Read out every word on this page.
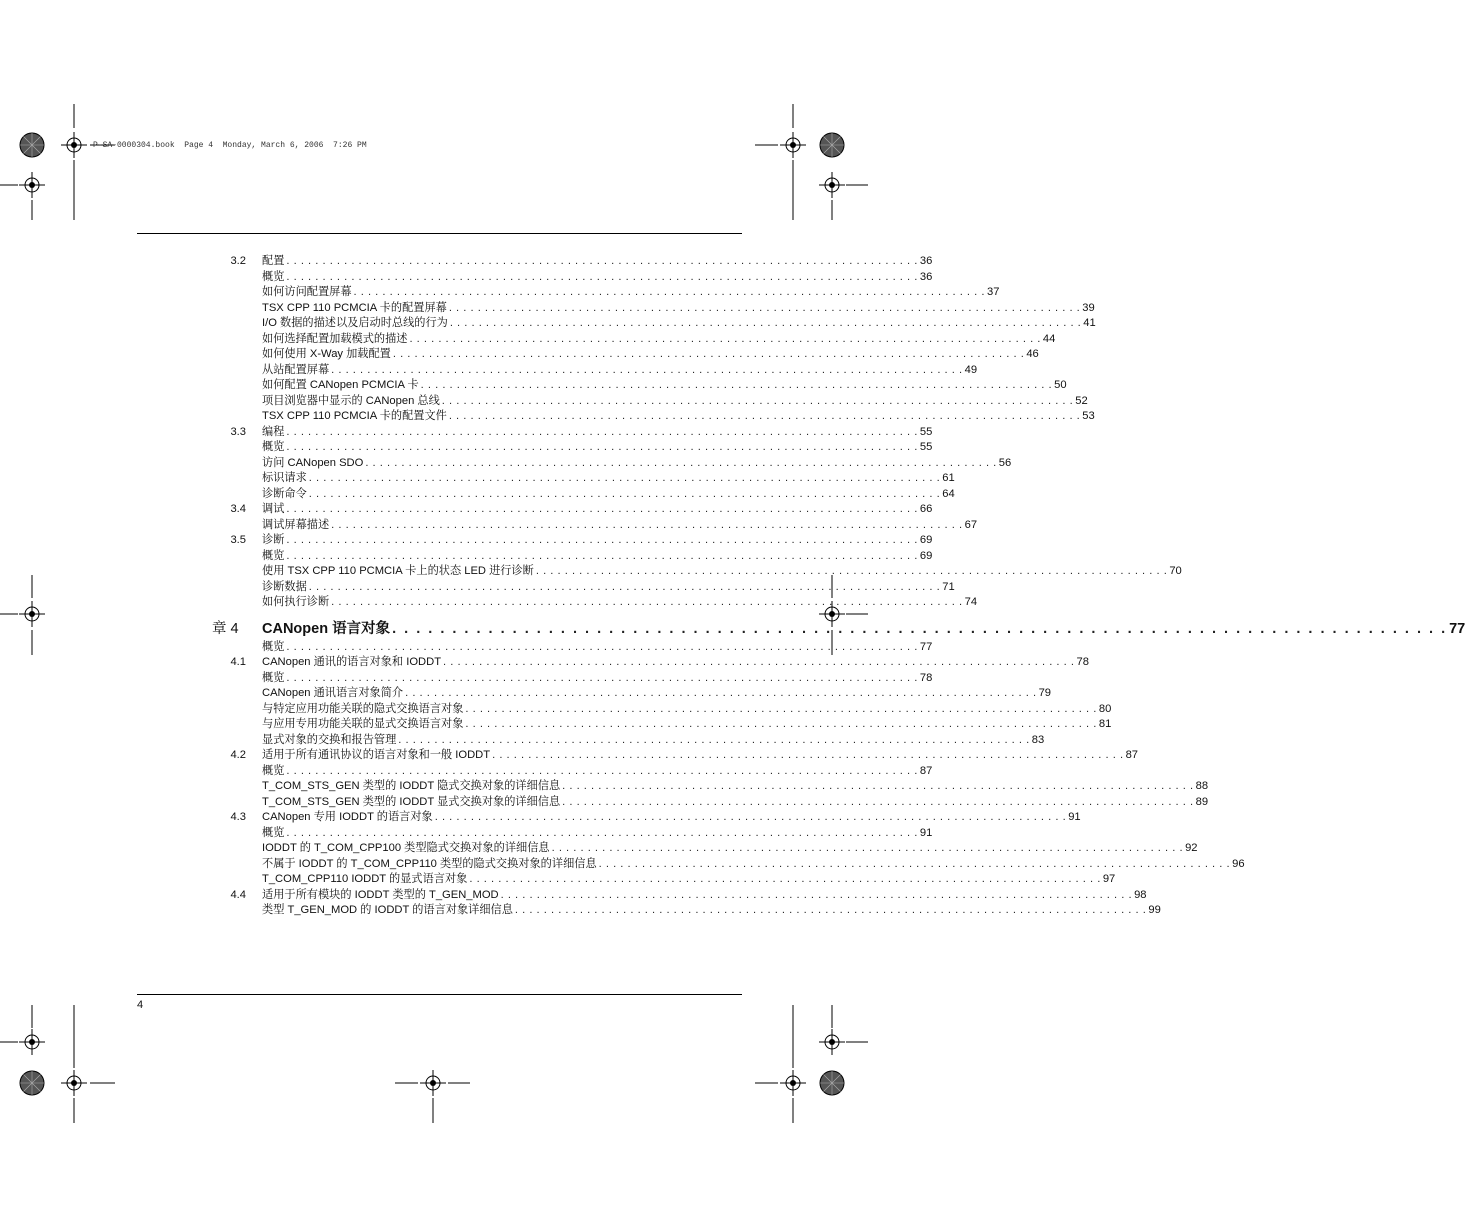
P-SA-0000304.book  Page 4  Monday, March 6, 2006  7:26 PM
3.2 配置 . . . . . . . . . . . . . . . . . . . . . . . . . . . . . . . . . . . . . . . . . . . . . . . . . . . . . . . . . . . . . . . . . . . . . . . . . . . . . . . . . . . . . . . . 36
概览 . . . . . . . . . . . . . . . . . . . . . . . . . . . . . . . . . . . . . . . . . . . . . . . . . . . . . . . . . . . . . . . . . . . . . . . . . . . . . . . . . . . . . . . . 36
如何访问配置屏幕 . . . . . . . . . . . . . . . . . . . . . . . . . . . . . . . . . . . . . . . . . . . . . . . . . . . . . . . . . . . . . . . . . . . . . . . . . . . . . . . . . . . . . . . . 37
TSX CPP 110 PCMCIA 卡的配置屏幕 . . . . . . . . . . . . . . . . . . . . . . . . . . . . . . . . . . . . . . . . . . . . . . . . . . . . . . . . . . . . . . . . . . . . . . . . . . . . . . . . . . . . . . . . 39
I/O 数据的描述以及启动时总线的行为 . . . . . . . . . . . . . . . . . . . . . . . . . . . . . . . . . . . . . . . . . . . . . . . . . . . . . . . . . . . . . . . . . . . . . . . . . . . . . . . . . . . . . . . . 41
如何选择配置加载模式的描述 . . . . . . . . . . . . . . . . . . . . . . . . . . . . . . . . . . . . . . . . . . . . . . . . . . . . . . . . . . . . . . . . . . . . . . . . . . . . . . . . . . . . . . . . 44
如何使用 X-Way 加载配置 . . . . . . . . . . . . . . . . . . . . . . . . . . . . . . . . . . . . . . . . . . . . . . . . . . . . . . . . . . . . . . . . . . . . . . . . . . . . . . . . . . . . . . . . 46
从站配置屏幕 . . . . . . . . . . . . . . . . . . . . . . . . . . . . . . . . . . . . . . . . . . . . . . . . . . . . . . . . . . . . . . . . . . . . . . . . . . . . . . . . . . . . . . . . 49
如何配置 CANopen PCMCIA 卡 . . . . . . . . . . . . . . . . . . . . . . . . . . . . . . . . . . . . . . . . . . . . . . . . . . . . . . . . . . . . . . . . . . . . . . . . . . . . . . . . . . . . . . . . 50
项目浏览器中显示的 CANopen 总线 . . . . . . . . . . . . . . . . . . . . . . . . . . . . . . . . . . . . . . . . . . . . . . . . . . . . . . . . . . . . . . . . . . . . . . . . . . . . . . . . . . . . . . . . 52
TSX CPP 110 PCMCIA 卡的配置文件 . . . . . . . . . . . . . . . . . . . . . . . . . . . . . . . . . . . . . . . . . . . . . . . . . . . . . . . . . . . . . . . . . . . . . . . . . . . . . . . . . . . . . . . . 53
3.3 编程 . . . . . . . . . . . . . . . . . . . . . . . . . . . . . . . . . . . . . . . . . . . . . . . . . . . . . . . . . . . . . . . . . . . . . . . . . . . . . . . . . . . . . . . . 55
概览 . . . . . . . . . . . . . . . . . . . . . . . . . . . . . . . . . . . . . . . . . . . . . . . . . . . . . . . . . . . . . . . . . . . . . . . . . . . . . . . . . . . . . . . . 55
访问 CANopen SDO . . . . . . . . . . . . . . . . . . . . . . . . . . . . . . . . . . . . . . . . . . . . . . . . . . . . . . . . . . . . . . . . . . . . . . . . . . . . . . . . . . . . . . . . 56
标识请求 . . . . . . . . . . . . . . . . . . . . . . . . . . . . . . . . . . . . . . . . . . . . . . . . . . . . . . . . . . . . . . . . . . . . . . . . . . . . . . . . . . . . . . . . 61
诊断命令 . . . . . . . . . . . . . . . . . . . . . . . . . . . . . . . . . . . . . . . . . . . . . . . . . . . . . . . . . . . . . . . . . . . . . . . . . . . . . . . . . . . . . . . . 64
3.4 调试 . . . . . . . . . . . . . . . . . . . . . . . . . . . . . . . . . . . . . . . . . . . . . . . . . . . . . . . . . . . . . . . . . . . . . . . . . . . . . . . . . . . . . . . . 66
调试屏幕描述 . . . . . . . . . . . . . . . . . . . . . . . . . . . . . . . . . . . . . . . . . . . . . . . . . . . . . . . . . . . . . . . . . . . . . . . . . . . . . . . . . . . . . . . . 67
3.5 诊断 . . . . . . . . . . . . . . . . . . . . . . . . . . . . . . . . . . . . . . . . . . . . . . . . . . . . . . . . . . . . . . . . . . . . . . . . . . . . . . . . . . . . . . . . 69
概览 . . . . . . . . . . . . . . . . . . . . . . . . . . . . . . . . . . . . . . . . . . . . . . . . . . . . . . . . . . . . . . . . . . . . . . . . . . . . . . . . . . . . . . . . 69
使用 TSX CPP 110 PCMCIA 卡上的状态 LED 进行诊断 . . . . . . . . . . . . . . . . . . . . . . . . . . . . . . . . . . . . . . . . . . . . . . . . . . . . . . . . . . . . . . . . . . . . . . . . . . . . . . . . . . . . . . . . 70
诊断数据 . . . . . . . . . . . . . . . . . . . . . . . . . . . . . . . . . . . . . . . . . . . . . . . . . . . . . . . . . . . . . . . . . . . . . . . . . . . . . . . . . . . . . . . . 71
如何执行诊断 . . . . . . . . . . . . . . . . . . . . . . . . . . . . . . . . . . . . . . . . . . . . . . . . . . . . . . . . . . . . . . . . . . . . . . . . . . . . . . . . . . . . . . . . 74
章 4	CANopen 语言对象 . . . . . . . . . . . . . . . . . . . . . . . . . . . . . . . . . . . . . . . . . . . . . . . . . . . . . . . . . . . . . . . . . . . . . . . . . . . . . . . . . . . . . . . . 77
概览 . . . . . . . . . . . . . . . . . . . . . . . . . . . . . . . . . . . . . . . . . . . . . . . . . . . . . . . . . . . . . . . . . . . . . . . . . . . . . . . . . . . . . . . . 77
4.1 CANopen 通讯的语言对象和 IODDT . . . . . . . . . . . . . . . . . . . . . . . . . . . . . . . . . . . . . . . . . . . . . . . . . . . . . . . . . . . . . . . . . . . . . . . . . . . . . . . . . . . . . . . . 78
概览 . . . . . . . . . . . . . . . . . . . . . . . . . . . . . . . . . . . . . . . . . . . . . . . . . . . . . . . . . . . . . . . . . . . . . . . . . . . . . . . . . . . . . . . . 78
CANopen 通讯语言对象简介 . . . . . . . . . . . . . . . . . . . . . . . . . . . . . . . . . . . . . . . . . . . . . . . . . . . . . . . . . . . . . . . . . . . . . . . . . . . . . . . . . . . . . . . . 79
与特定应用功能关联的隐式交换语言对象 . . . . . . . . . . . . . . . . . . . . . . . . . . . . . . . . . . . . . . . . . . . . . . . . . . . . . . . . . . . . . . . . . . . . . . . . . . . . . . . . . . . . . . . . 80
与应用专用功能关联的显式交换语言对象 . . . . . . . . . . . . . . . . . . . . . . . . . . . . . . . . . . . . . . . . . . . . . . . . . . . . . . . . . . . . . . . . . . . . . . . . . . . . . . . . . . . . . . . . 81
显式对象的交换和报告管理 . . . . . . . . . . . . . . . . . . . . . . . . . . . . . . . . . . . . . . . . . . . . . . . . . . . . . . . . . . . . . . . . . . . . . . . . . . . . . . . . . . . . . . . . 83
4.2 适用于所有通讯协议的语言对象和一般 IODDT . . . . . . . . . . . . . . . . . . . . . . . . . . . . . . . . . . . . . . . . . . . . . . . . . . . . . . . . . . . . . . . . . . . . . . . . . . . . . . . . . . . . . . . . 87
概览 . . . . . . . . . . . . . . . . . . . . . . . . . . . . . . . . . . . . . . . . . . . . . . . . . . . . . . . . . . . . . . . . . . . . . . . . . . . . . . . . . . . . . . . . 87
T_COM_STS_GEN 类型的 IODDT 隐式交换对象的详细信息 . . . . . . . . . . . . . . . . . . . . . . . . . . . . . . . . . . . . . . . . . . . . . . . . . . . . . . . . . . . . . . . . . . . . . . . . . . . . . . . . . . . . . . . . 88
T_COM_STS_GEN 类型的 IODDT 显式交换对象的详细信息 . . . . . . . . . . . . . . . . . . . . . . . . . . . . . . . . . . . . . . . . . . . . . . . . . . . . . . . . . . . . . . . . . . . . . . . . . . . . . . . . . . . . . . . . 89
4.3 CANopen 专用 IODDT 的语言对象 . . . . . . . . . . . . . . . . . . . . . . . . . . . . . . . . . . . . . . . . . . . . . . . . . . . . . . . . . . . . . . . . . . . . . . . . . . . . . . . . . . . . . . . . 91
概览 . . . . . . . . . . . . . . . . . . . . . . . . . . . . . . . . . . . . . . . . . . . . . . . . . . . . . . . . . . . . . . . . . . . . . . . . . . . . . . . . . . . . . . . . 91
IODDT 的 T_COM_CPP100 类型隐式交换对象的详细信息 . . . . . . . . . . . . . . . . . . . . . . . . . . . . . . . . . . . . . . . . . . . . . . . . . . . . . . . . . . . . . . . . . . . . . . . . . . . . . . . . . . . . . . . . 92
不属于 IODDT 的 T_COM_CPP110 类型的隐式交换对象的详细信息 . . . . . . . . . . . . . . . . . . . . . . . . . . . . . . . . . . . . . . . . . . . . . . . . . . . . . . . . . . . . . . . . . . . . . . . . . . . . . . . . . . . . . . . . 96
T_COM_CPP110 IODDT 的显式语言对象 . . . . . . . . . . . . . . . . . . . . . . . . . . . . . . . . . . . . . . . . . . . . . . . . . . . . . . . . . . . . . . . . . . . . . . . . . . . . . . . . . . . . . . . . 97
4.4 适用于所有模块的 IODDT 类型的 T_GEN_MOD . . . . . . . . . . . . . . . . . . . . . . . . . . . . . . . . . . . . . . . . . . . . . . . . . . . . . . . . . . . . . . . . . . . . . . . . . . . . . . . . . . . . . . . . 98
类型 T_GEN_MOD 的 IODDT 的语言对象详细信息 . . . . . . . . . . . . . . . . . . . . . . . . . . . . . . . . . . . . . . . . . . . . . . . . . . . . . . . . . . . . . . . . . . . . . . . . . . . . . . . . . . . . . . . . 99
4
